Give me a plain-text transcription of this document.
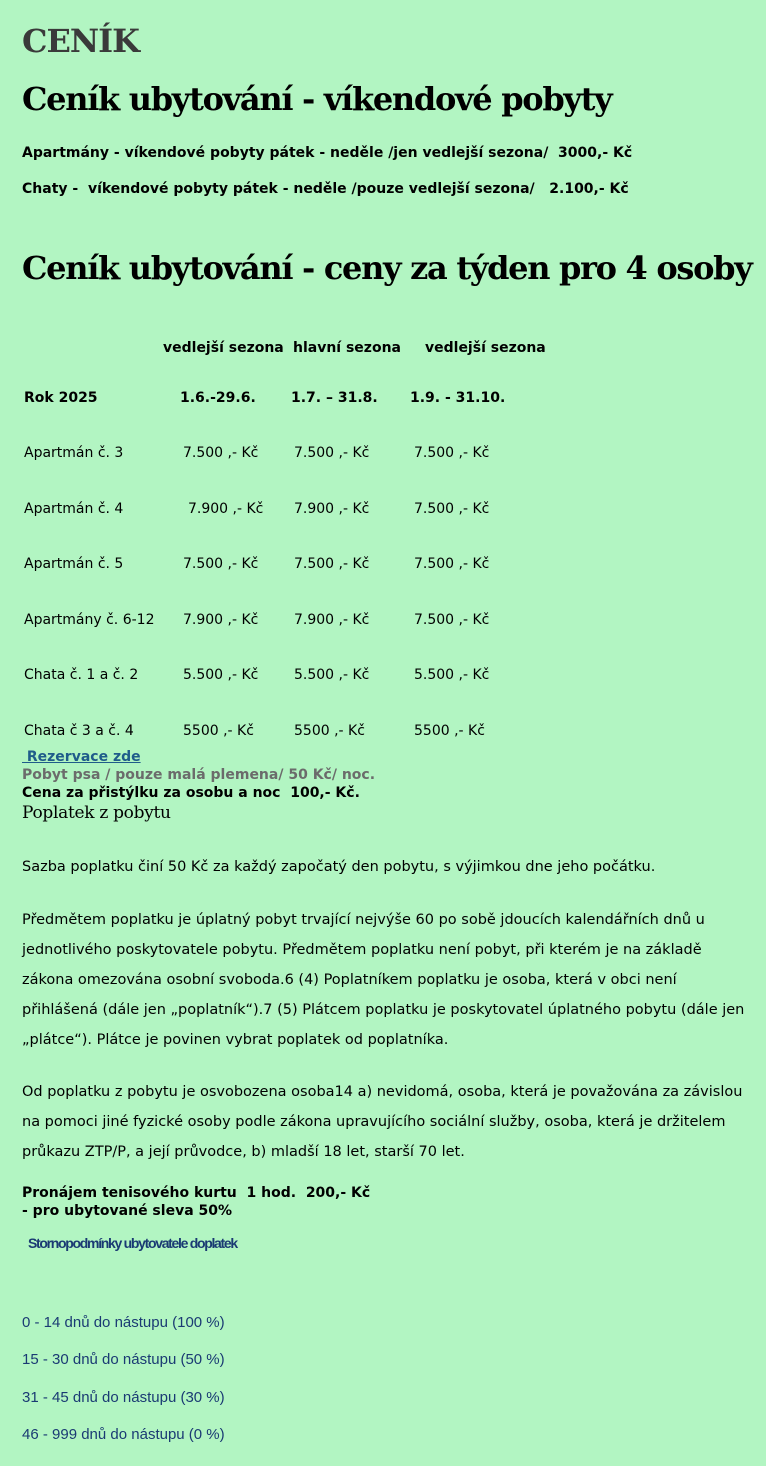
CENÍK
Ceník ubytování - víkendové pobyty

Apartmány - víkendové pobyty pátek - neděle /jen vedlejší sezona/  3000,- Kč

Chaty -  víkendové pobyty pátek - neděle /pouze vedlejší sezona/   2.100,- Kč

Ceník ubytování - ceny za týden pro 4 osoby
vedlejší sezona hlavní sezona vedlejší sezona
Rok 2025	1.6.-29.6.	1.7. – 31.8. 1.9. - 31.10.
Apartmán č. 3	7.500 ,- Kč	7.500 ,- Kč	7.500 ,- Kč
Apartmán č. 4	7.900 ,- Kč 7.900 ,- Kč	7.500 ,- Kč
Apartmán č. 5	7.500 ,- Kč	7.500 ,- Kč	7.500 ,- Kč
Apartmány č. 6-12 7.900 ,- Kč	7.900 ,- Kč	7.500 ,- Kč
Chata č. 1 a č. 2	5.500 ,- Kč	5.500 ,- Kč	5.500 ,- Kč
Chata č 3 a č. 4	5500 ,- Kč	5500 ,- Kč	5500 ,- Kč
Rezervace zde
Pobyt psa / pouze malá plemena/ 50 Kč/ noc.

Cena za přistýlku za osobu a noc  100,- Kč.

Poplatek z pobytu

Sazba poplatku činí 50 Kč za každý započatý den pobytu, s výjimkou dne jeho počátku.

Předmětem poplatku je úplatný pobyt trvající nejvýše 60 po sobě jdoucích kalendářních dnů u jednotlivého poskytovatele pobytu. Předmětem poplatku není pobyt, při kterém je na základě zákona omezována osobní svoboda.6 (4) Poplatníkem poplatku je osoba, která v obci není přihlášená (dále jen „poplatník“).7 (5) Plátcem poplatku je poskytovatel úplatného pobytu (dále jen „plátce“). Plátce je povinen vybrat poplatek od poplatníka.

Od poplatku z pobytu je osvobozena osoba14 a) nevidomá, osoba, která je považována za závislou na pomoci jiné fyzické osoby podle zákona upravujícího sociální služby, osoba, která je držitelem průkazu ZTP/P, a její průvodce, b) mladší 18 let, starší 70 let.

Pronájem tenisového kurtu  1 hod.  200,- Kč

- pro ubytované sleva 50%

Stornopodmínky ubytovatele doplatek
0 - 14 dnů do nástupu (100 %)
15 - 30 dnů do nástupu (50 %)
31 - 45 dnů do nástupu (30 %)
46 - 999 dnů do nástupu (0 %)
